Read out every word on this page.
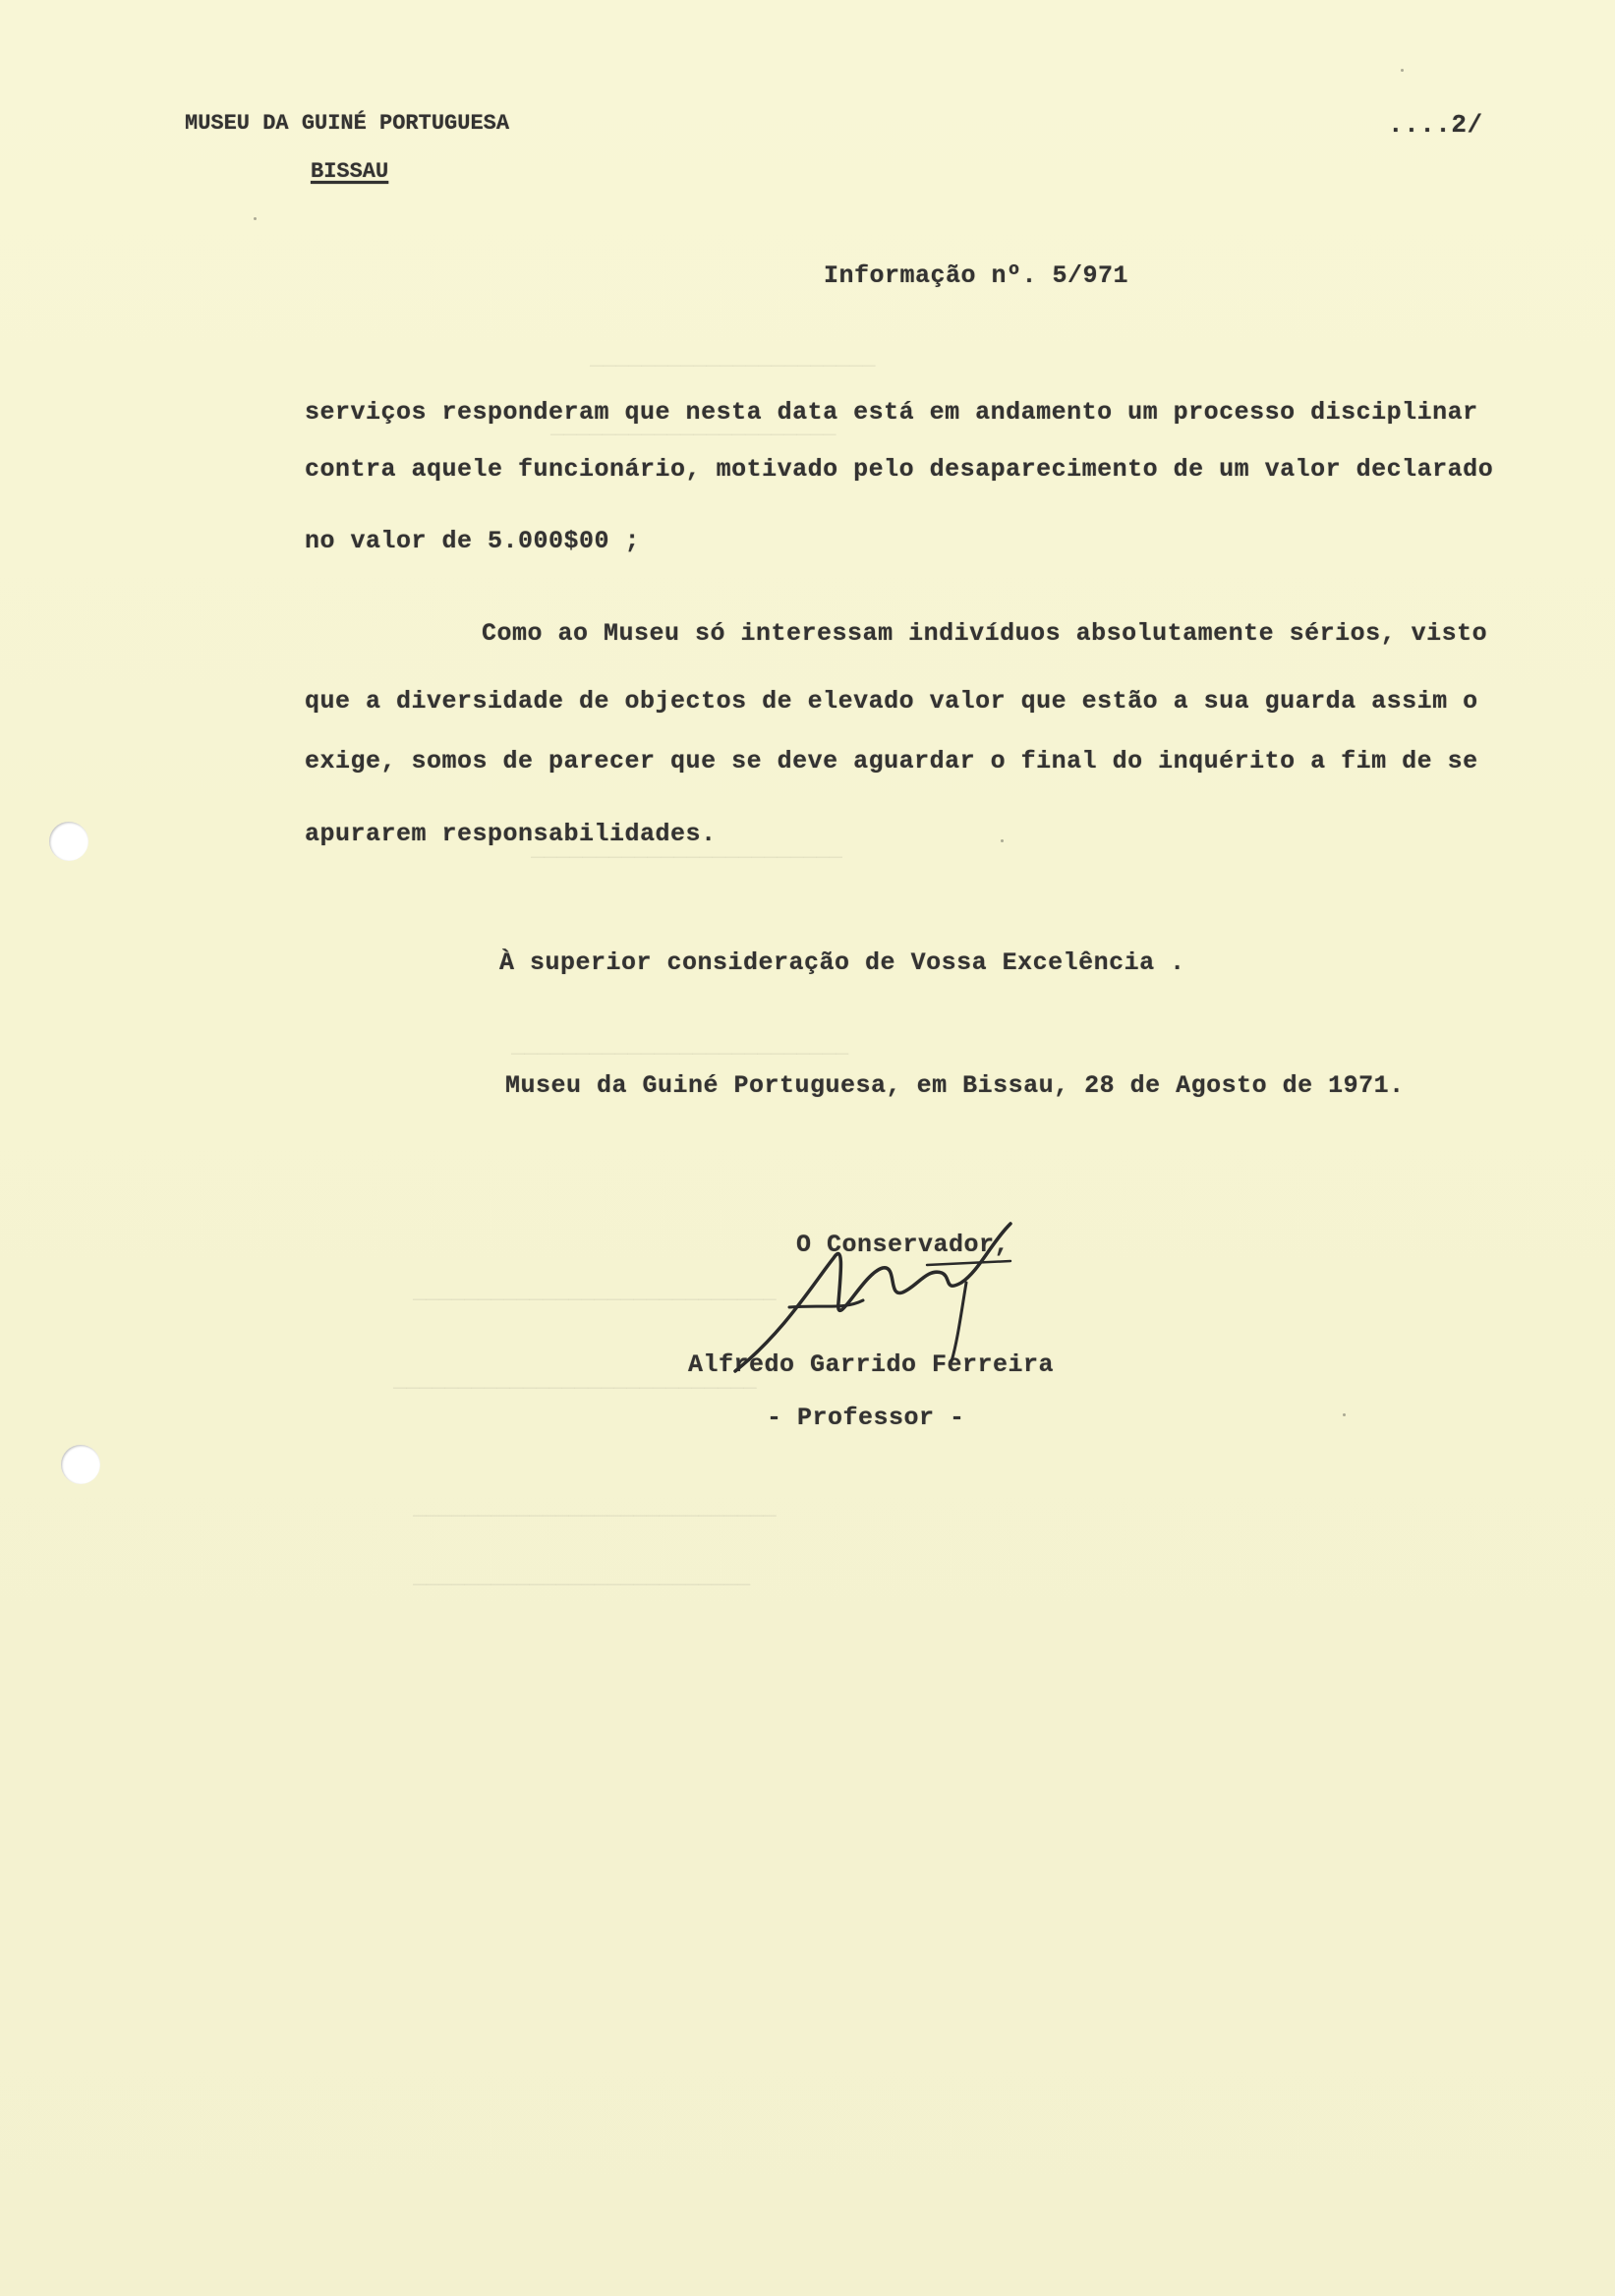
——————————————————————
——————————————————————
————————————————————————
——————————————————————————
————————————————————————————
————————————————————————————
————————————————————————————
——————————————————————————
MUSEU DA GUINÉ PORTUGUESA
BISSAU
....2/
Informação nº. 5/971
serviços responderam que nesta data está em andamento um processo disciplinar
contra aquele funcionário, motivado pelo desaparecimento de um valor declarado
no valor de 5.000$00 ;
Como ao Museu só interessam indivíduos absolutamente sérios, visto
que a diversidade de objectos de elevado valor que estão a sua guarda assim o
exige, somos de parecer que se deve aguardar o final do inquérito a fim de se
apurarem responsabilidades.
À superior consideração de Vossa Excelência .
Museu da Guiné Portuguesa, em Bissau, 28 de Agosto de 1971.
O Conservador,
Alfredo Garrido Ferreira
- Professor -
